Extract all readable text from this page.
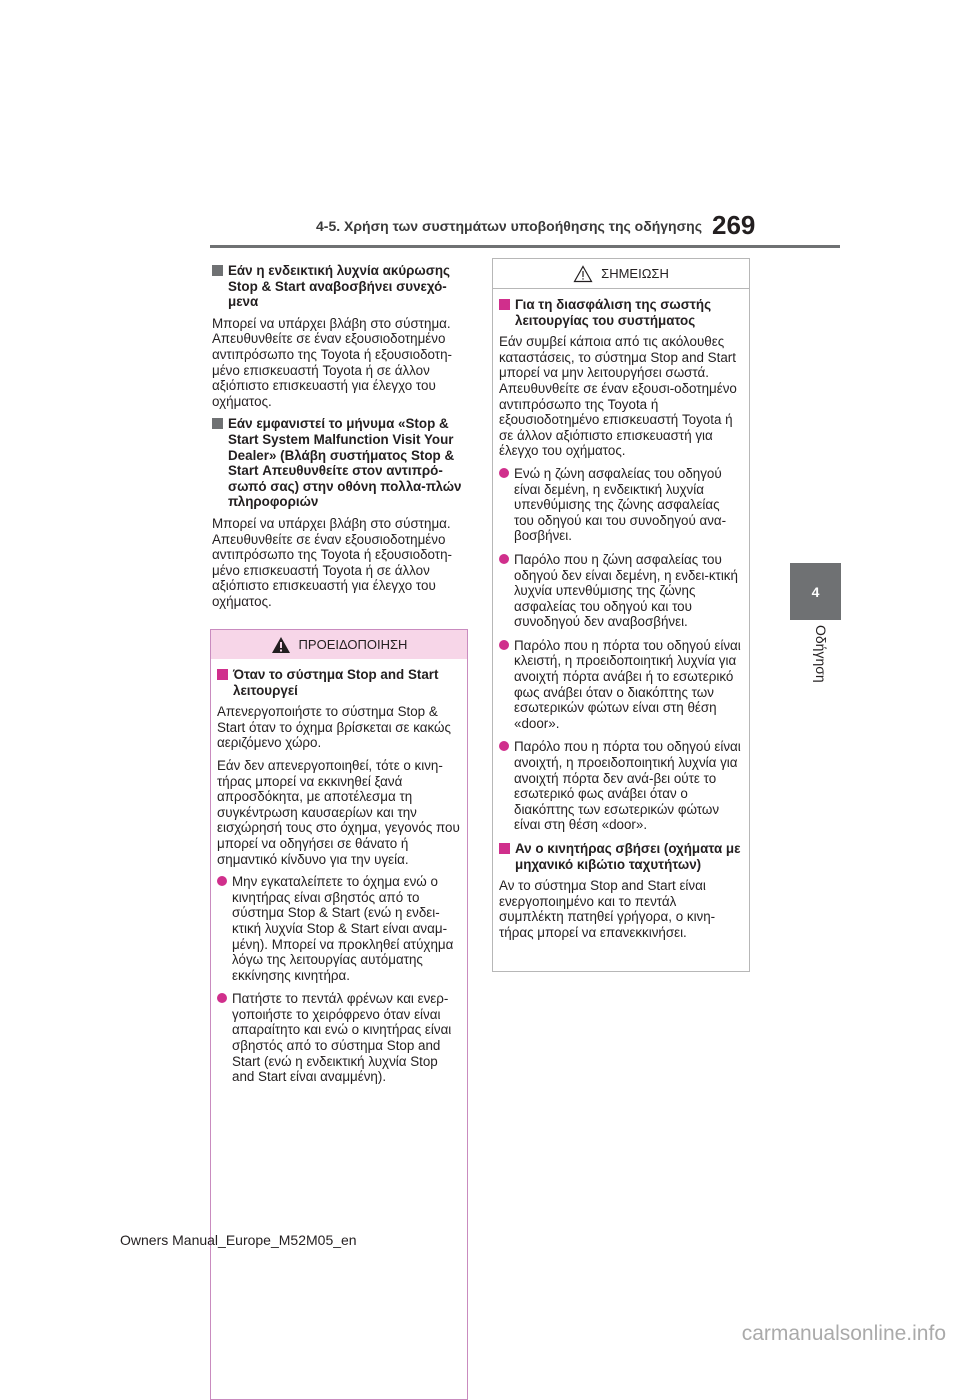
4-5. Χρήση των συστημάτων υποβοήθησης της οδήγησης 269
4
Οδήγηση
Εάν η ενδεικτική λυχνία ακύρωσης Stop & Start αναβοσβήνει συνεχό-μενα

Μπορεί να υπάρχει βλάβη στο σύστημα. Απευθυνθείτε σε έναν εξουσιοδοτημένο αντιπρόσωπο της Toyota ή εξουσιοδοτη-μένο επισκευαστή Toyota ή σε άλλον αξιόπιστο επισκευαστή για έλεγχο του οχήματος.

Εάν εμφανιστεί το μήνυμα «Stop & Start System Malfunction Visit Your Dealer» (Βλάβη συστήματος Stop & Start Απευθυνθείτε στον αντιπρό-σωπό σας) στην οθόνη πολλα-πλών πληροφοριών

Μπορεί να υπάρχει βλάβη στο σύστημα. Απευθυνθείτε σε έναν εξουσιοδοτημένο αντιπρόσωπο της Toyota ή εξουσιοδοτη-μένο επισκευαστή Toyota ή σε άλλον αξιόπιστο επισκευαστή για έλεγχο του οχήματος.

ΠΡΟΕΙΔΟΠΟΙΗΣΗ
Όταν το σύστημα Stop and Start λειτουργεί

Απενεργοποιήστε το σύστημα Stop & Start όταν το όχημα βρίσκεται σε κακώς αεριζόμενο χώρο.

Εάν δεν απενεργοποιηθεί, τότε ο κινη-τήρας μπορεί να εκκινηθεί ξανά απροσδόκητα, με αποτέλεσμα τη συγκέντρωση καυσαερίων και την εισχώρησή τους στο όχημα, γεγονός που μπορεί να οδηγήσει σε θάνατο ή σημαντικό κίνδυνο για την υγεία.

Μην εγκαταλείπετε το όχημα ενώ ο κινητήρας είναι σβηστός από το σύστημα Stop & Start (ενώ η ενδει-κτική λυχνία Stop & Start είναι αναμ-μένη). Μπορεί να προκληθεί ατύχημα λόγω της λειτουργίας αυτόματης εκκίνησης κινητήρα.
Πατήστε το πεντάλ φρένων και ενερ-γοποιήστε το χειρόφρενο όταν είναι απαραίτητο και ενώ ο κινητήρας είναι σβηστός από το σύστημα Stop and Start (ενώ η ενδεικτική λυχνία Stop and Start είναι αναμμένη).
ΣΗΜΕΙΩΣΗ
Για τη διασφάλιση της σωστής λειτουργίας του συστήματος

Εάν συμβεί κάποια από τις ακόλουθες καταστάσεις, το σύστημα Stop and Start μπορεί να μην λειτουργήσει σωστά. Απευθυνθείτε σε έναν εξουσι-οδοτημένο αντιπρόσωπο της Toyota ή εξουσιοδοτημένο επισκευαστή Toyota ή σε άλλον αξιόπιστο επισκευαστή για έλεγχο του οχήματος.

Ενώ η ζώνη ασφαλείας του οδηγού είναι δεμένη, η ενδεικτική λυχνία υπενθύμισης της ζώνης ασφαλείας του οδηγού και του συνοδηγού ανα-βοσβήνει.
Παρόλο που η ζώνη ασφαλείας του οδηγού δεν είναι δεμένη, η ενδει-κτική λυχνία υπενθύμισης της ζώνης ασφαλείας του οδηγού και του συνοδηγού δεν αναβοσβήνει.
Παρόλο που η πόρτα του οδηγού είναι κλειστή, η προειδοποιητική λυχνία για ανοιχτή πόρτα ανάβει ή το εσωτερικό φως ανάβει όταν ο διακόπτης των εσωτερικών φώτων είναι στη θέση «door».
Παρόλο που η πόρτα του οδηγού είναι ανοιχτή, η προειδοποιητική λυχνία για ανοιχτή πόρτα δεν ανά-βει ούτε το εσωτερικό φως ανάβει όταν ο διακόπτης των εσωτερικών φώτων είναι στη θέση «door».
Αν ο κινητήρας σβήσει (οχήματα με μηχανικό κιβώτιο ταχυτήτων)

Αν το σύστημα Stop and Start είναι ενεργοποιημένο και το πεντάλ συμπλέκτη πατηθεί γρήγορα, ο κινη-τήρας μπορεί να επανεκκινήσει.

Owners Manual_Europe_M52M05_en
carmanualsonline.info
